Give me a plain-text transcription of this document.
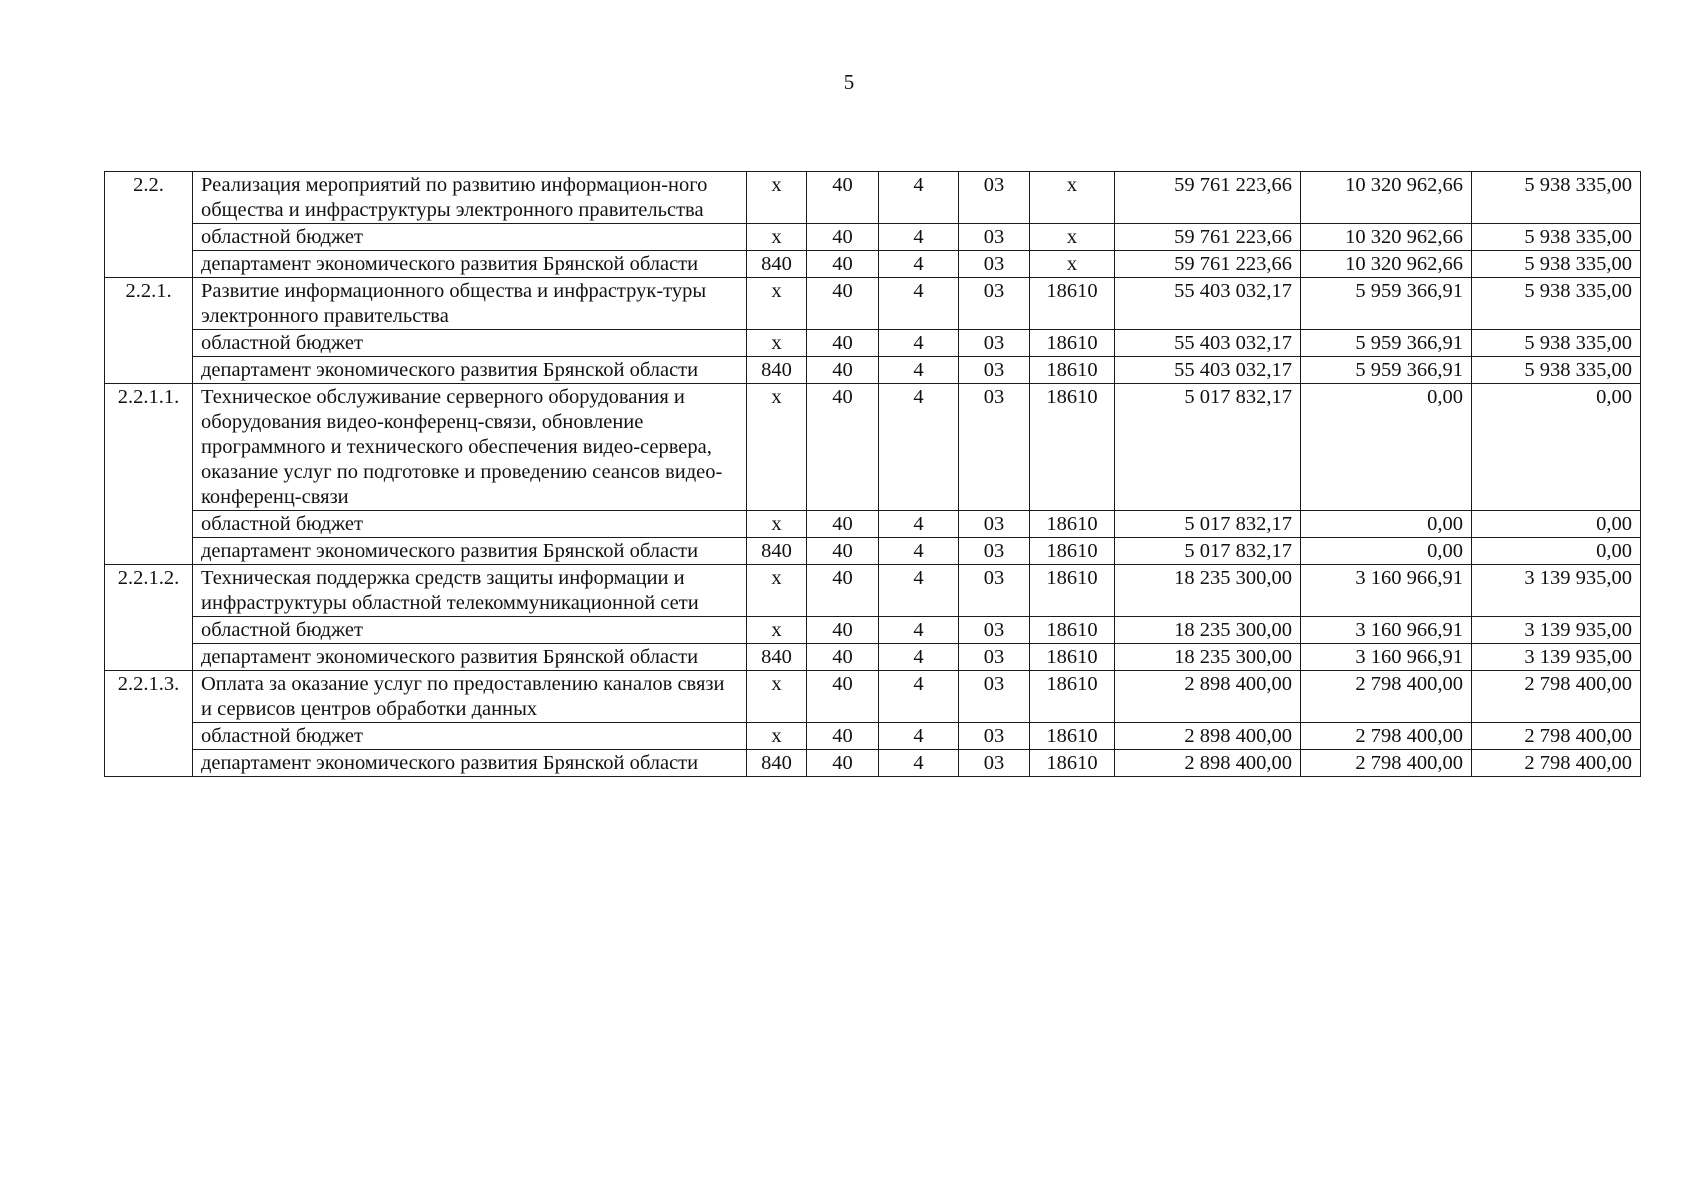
5
2.2.	Реализация мероприятий по развитию информацион-ного общества и инфраструктуры электронного правительства	х	40	4	03	х	59 761 223,66	10 320 962,66	5 938 335,00
	областной бюджет	х	40	4	03	х	59 761 223,66	10 320 962,66	5 938 335,00
	департамент экономического развития Брянской области	840	40	4	03	х	59 761 223,66	10 320 962,66	5 938 335,00
2.2.1.	Развитие информационного общества и инфраструк-туры электронного правительства	х	40	4	03	18610	55 403 032,17	5 959 366,91	5 938 335,00
	областной бюджет	х	40	4	03	18610	55 403 032,17	5 959 366,91	5 938 335,00
	департамент экономического развития Брянской области	840	40	4	03	18610	55 403 032,17	5 959 366,91	5 938 335,00
2.2.1.1.	Техническое обслуживание серверного оборудования и оборудования видео-конференц-связи, обновление программного и технического обеспечения видео-сервера, оказание услуг по подготовке и проведению сеансов видео-конференц-связи	х	40	4	03	18610	5 017 832,17	0,00	0,00
	областной бюджет	х	40	4	03	18610	5 017 832,17	0,00	0,00
	департамент экономического развития Брянской области	840	40	4	03	18610	5 017 832,17	0,00	0,00
2.2.1.2.	Техническая поддержка средств защиты информации и инфраструктуры областной телекоммуникационной сети	х	40	4	03	18610	18 235 300,00	3 160 966,91	3 139 935,00
	областной бюджет	х	40	4	03	18610	18 235 300,00	3 160 966,91	3 139 935,00
	департамент экономического развития Брянской области	840	40	4	03	18610	18 235 300,00	3 160 966,91	3 139 935,00
2.2.1.3.	Оплата за оказание услуг по предоставлению каналов связи и сервисов центров обработки данных	х	40	4	03	18610	2 898 400,00	2 798 400,00	2 798 400,00
	областной бюджет	х	40	4	03	18610	2 898 400,00	2 798 400,00	2 798 400,00
	департамент экономического развития Брянской области	840	40	4	03	18610	2 898 400,00	2 798 400,00	2 798 400,00
